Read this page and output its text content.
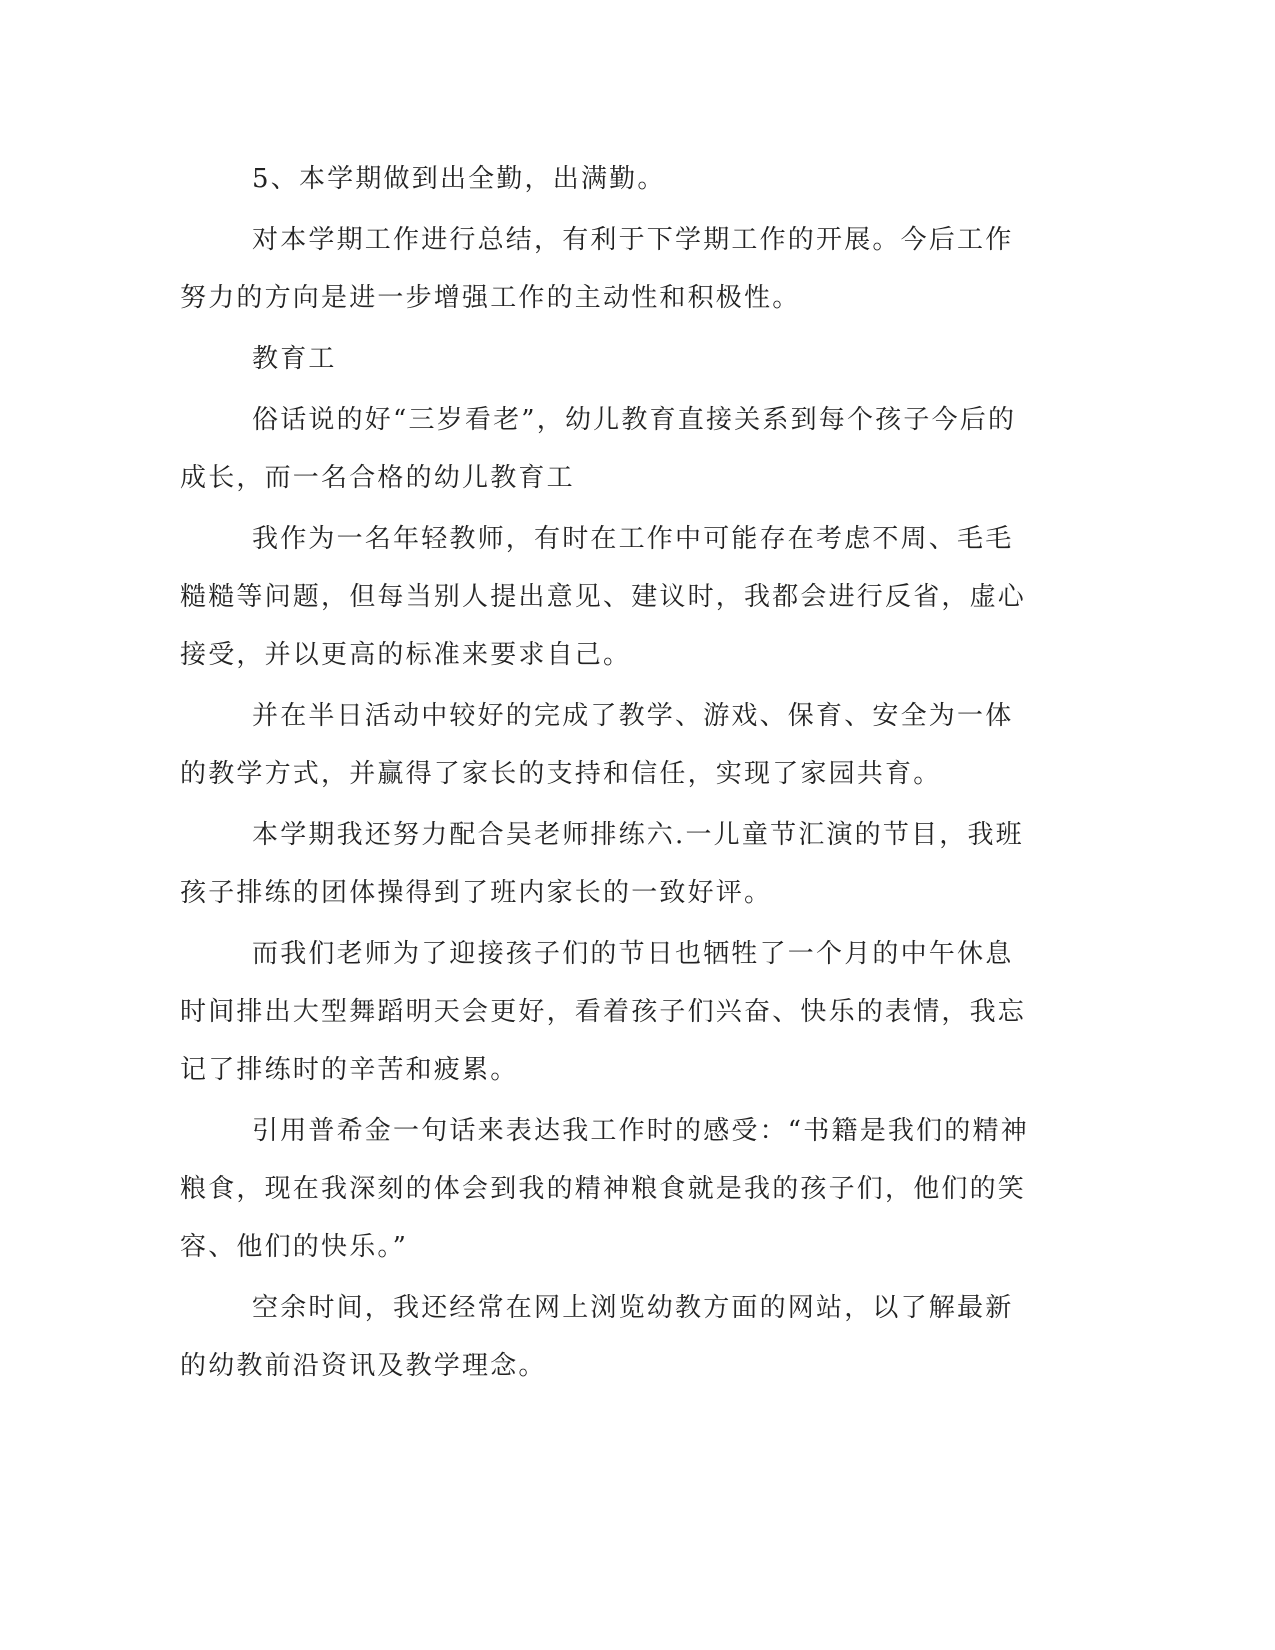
5、本学期做到出全勤，出满勤。

对本学期工作进行总结，有利于下学期工作的开展。今后工作努力的方向是进一步增强工作的主动性和积极性。

教育工

俗话说的好“三岁看老”，幼儿教育直接关系到每个孩子今后的成长，而一名合格的幼儿教育工

我作为一名年轻教师，有时在工作中可能存在考虑不周、毛毛糙糙等问题，但每当别人提出意见、建议时，我都会进行反省，虚心接受，并以更高的标准来要求自己。

并在半日活动中较好的完成了教学、游戏、保育、安全为一体的教学方式，并赢得了家长的支持和信任，实现了家园共育。

本学期我还努力配合吴老师排练六.一儿童节汇演的节目，我班孩子排练的团体操得到了班内家长的一致好评。

而我们老师为了迎接孩子们的节日也牺牲了一个月的中午休息时间排出大型舞蹈明天会更好，看着孩子们兴奋、快乐的表情，我忘记了排练时的辛苦和疲累。

引用普希金一句话来表达我工作时的感受：“书籍是我们的精神粮食，现在我深刻的体会到我的精神粮食就是我的孩子们，他们的笑容、他们的快乐。”

空余时间，我还经常在网上浏览幼教方面的网站，以了解最新的幼教前沿资讯及教学理念。
